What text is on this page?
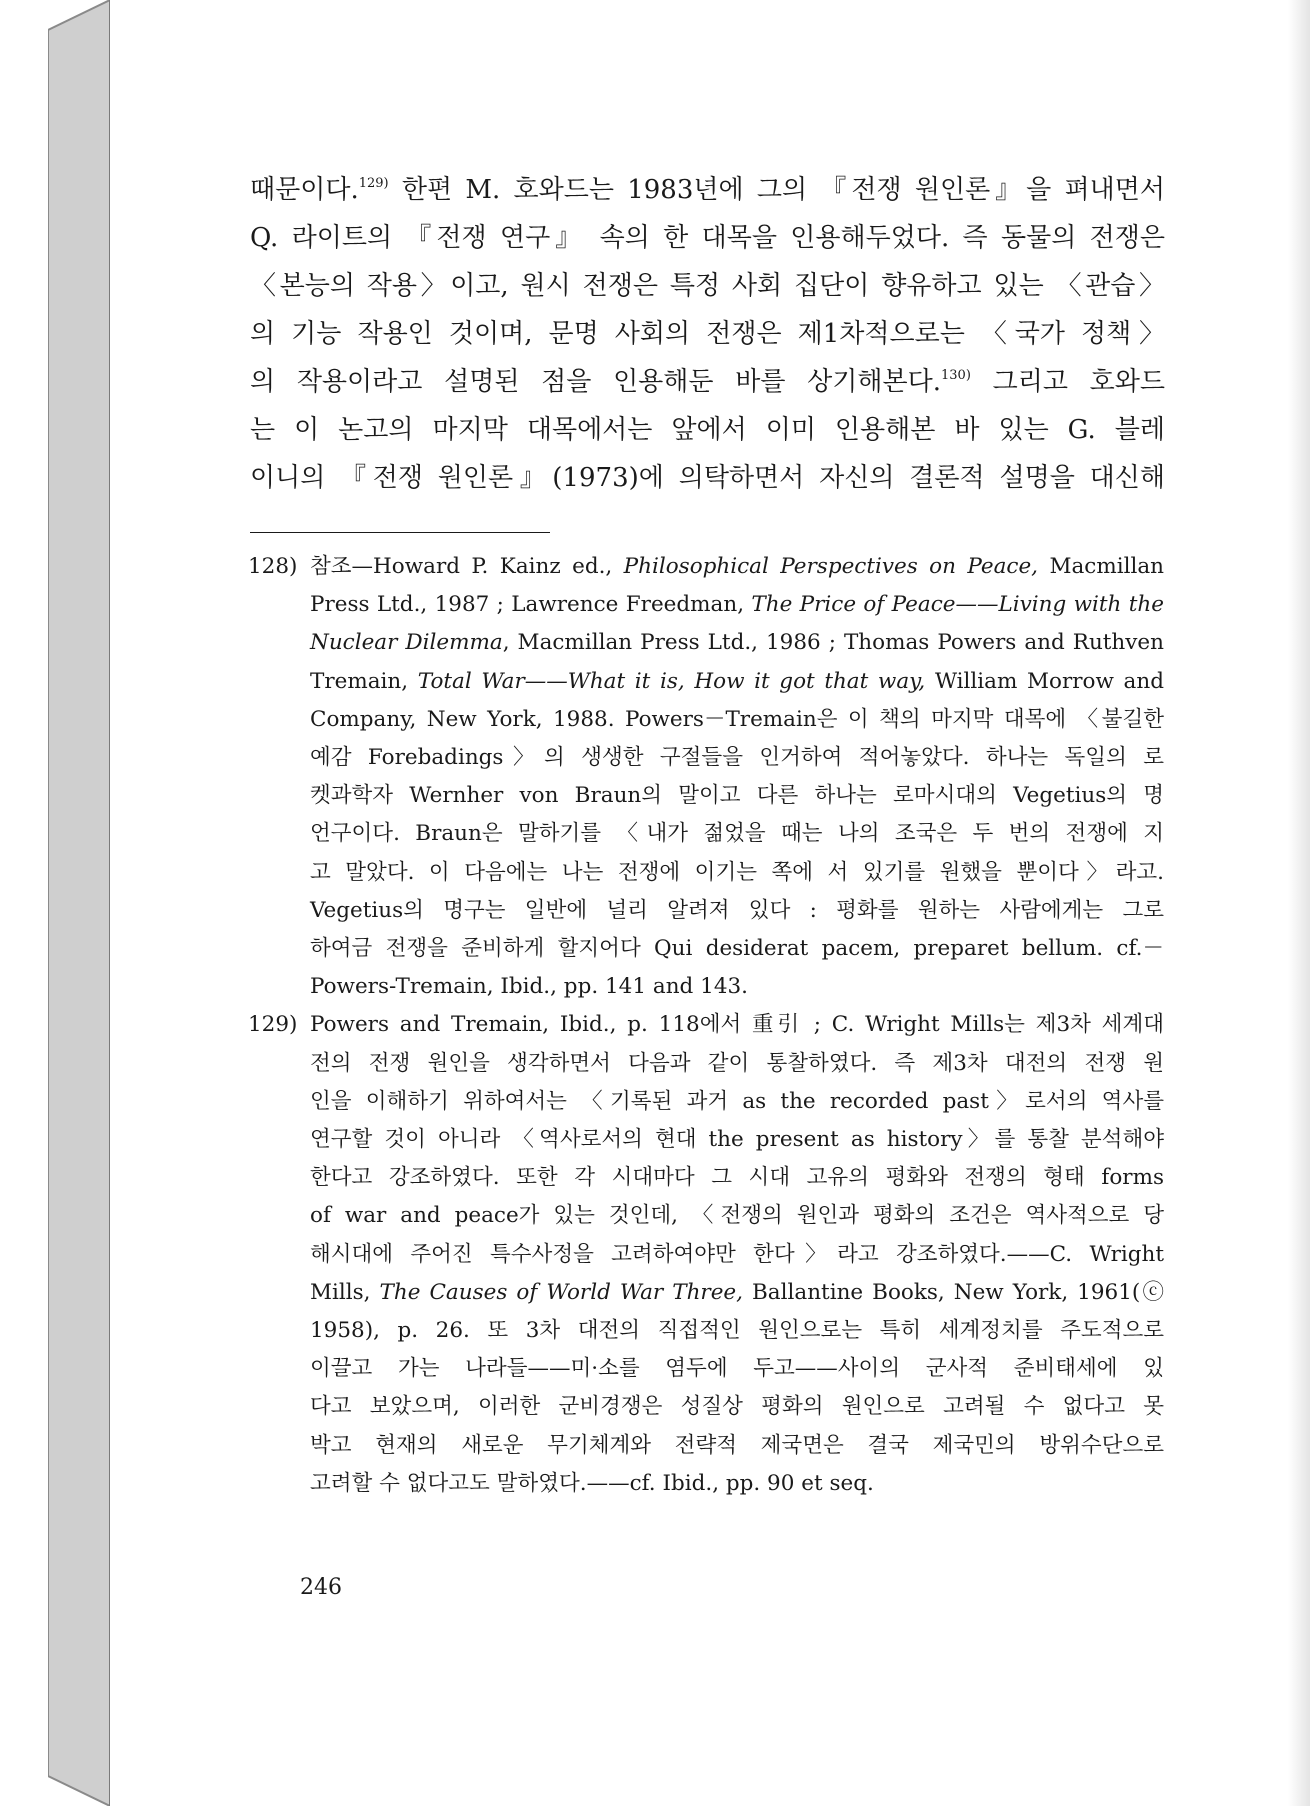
때문이다.$^{129)}$ 한편 M. 호와드는 1983년에 그의 『전쟁 원인론』을 펴내면서
Q. 라이트의 『전쟁 연구』 속의 한 대목을 인용해두었다. 즉 동물의 전쟁은
〈본능의 작용〉이고, 원시 전쟁은 특정 사회 집단이 향유하고 있는 〈관습〉
의 기능 작용인 것이며, 문명 사회의 전쟁은 제1차적으로는 〈국가 정책〉
의 작용이라고 설명된 점을 인용해둔 바를 상기해본다.$^{130)}$ 그리고 호와드
는 이 논고의 마지막 대목에서는 앞에서 이미 인용해본 바 있는 G. 블레
이니의 『전쟁 원인론』(1973)에 의탁하면서 자신의 결론적 설명을 대신해
128) 참조—Howard P. Kainz ed., Philosophical Perspectives on Peace, Macmillan
Press Ltd., 1987 ; Lawrence Freedman, The Price of Peace——Living with the
Nuclear Dilemma, Macmillan Press Ltd., 1986 ; Thomas Powers and Ruthven
Tremain, Total War——What it is, How it got that way, William Morrow and
Company, New York, 1988. Powers－Tremain은 이 책의 마지막 대목에 〈불길한
예감 Forebadings〉의 생생한 구절들을 인거하여 적어놓았다. 하나는 독일의 로
켓과학자 Wernher von Braun의 말이고 다른 하나는 로마시대의 Vegetius의 명
언구이다. Braun은 말하기를 〈내가 젊었을 때는 나의 조국은 두 번의 전쟁에 지
고 말았다. 이 다음에는 나는 전쟁에 이기는 쪽에 서 있기를 원했을 뿐이다〉라고.
Vegetius의 명구는 일반에 널리 알려져 있다 : 평화를 원하는 사람에게는 그로
하여금 전쟁을 준비하게 할지어다 Qui desiderat pacem, preparet bellum. cf.－
Powers-Tremain, Ibid., pp. 141 and 143.
129) Powers and Tremain, Ibid., p. 118에서 重引 ; C. Wright Mills는 제3차 세계대
전의 전쟁 원인을 생각하면서 다음과 같이 통찰하였다. 즉 제3차 대전의 전쟁 원
인을 이해하기 위하여서는 〈기록된 과거 as the recorded past〉로서의 역사를
연구할 것이 아니라 〈역사로서의 현대 the present as history〉를 통찰 분석해야
한다고 강조하였다. 또한 각 시대마다 그 시대 고유의 평화와 전쟁의 형태 forms
of war and peace가 있는 것인데, 〈전쟁의 원인과 평화의 조건은 역사적으로 당
해시대에 주어진 특수사정을 고려하여야만 한다〉라고 강조하였다.——C. Wright
Mills, The Causes of World War Three, Ballantine Books, New York, 1961(ⓒ
1958), p. 26. 또 3차 대전의 직접적인 원인으로는 특히 세계정치를 주도적으로
이끌고 가는 나라들——미·소를 염두에 두고——사이의 군사적 준비태세에 있
다고 보았으며, 이러한 군비경쟁은 성질상 평화의 원인으로 고려될 수 없다고 못
박고 현재의 새로운 무기체계와 전략적 제국면은 결국 제국민의 방위수단으로
고려할 수 없다고도 말하였다.——cf. Ibid., pp. 90 et seq.
246
